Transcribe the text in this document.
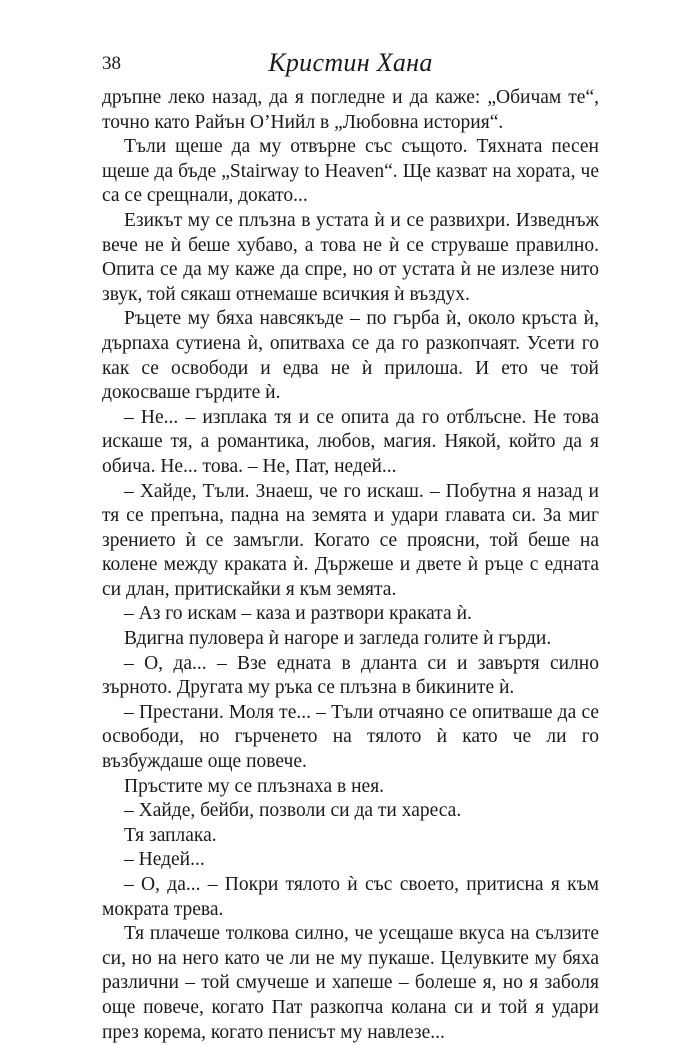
38	Кристин Хана

дръпне леко назад, да я погледне и да каже: „Обичам те“, точно като Райън О’Нийл в „Любовна история“.

Тъли щеше да му отвърне със същото. Тяхната песен щеше да бъде „Stairway to Heaven“. Ще казват на хората, че са се срещнали, докато...

Езикът му се плъзна в устата ѝ и се развихри. Изведнъж вече не ѝ беше хубаво, а това не ѝ се струваше правилно. Опита се да му каже да спре, но от устата ѝ не излезе нито звук, той сякаш отнемаше всичкия ѝ въздух.

Ръцете му бяха навсякъде – по гърба ѝ, около кръста ѝ, дърпаха сутиена ѝ, опитваха се да го разкопчаят. Усети го как се освободи и едва не ѝ прилоша. И ето че той докосваше гърдите ѝ.

– Не... – изплака тя и се опита да го отблъсне. Не това искаше тя, а романтика, любов, магия. Някой, който да я обича. Не... това. – Не, Пат, недей...

– Хайде, Тъли. Знаеш, че го искаш. – Побутна я назад и тя се препъна, падна на земята и удари главата си. За миг зрението ѝ се замъгли. Когато се проясни, той беше на колене между краката ѝ. Държеше и двете ѝ ръце с едната си длан, притискайки я към земята.

– Аз го искам – каза и разтвори краката ѝ.

Вдигна пуловера ѝ нагоре и загледа голите ѝ гърди.

– О, да... – Взе едната в дланта си и завъртя силно зърното. Другата му ръка се плъзна в бикините ѝ.

– Престани. Моля те... – Тъли отчаяно се опитваше да се освободи, но гърченето на тялото ѝ като че ли го възбуждаше още повече.

Пръстите му се плъзнаха в нея.

– Хайде, бейби, позволи си да ти хареса.

Тя заплака.

– Недей...

– О, да... – Покри тялото ѝ със своето, притисна я към мократа трева.

Тя плачеше толкова силно, че усещаше вкуса на сълзите си, но на него като че ли не му пукаше. Целувките му бяха различни – той смучеше и хапеше – болеше я, но я заболя още повече, когато Пат разкопча колана си и той я удари през корема, когато пенисът му навлезе...
